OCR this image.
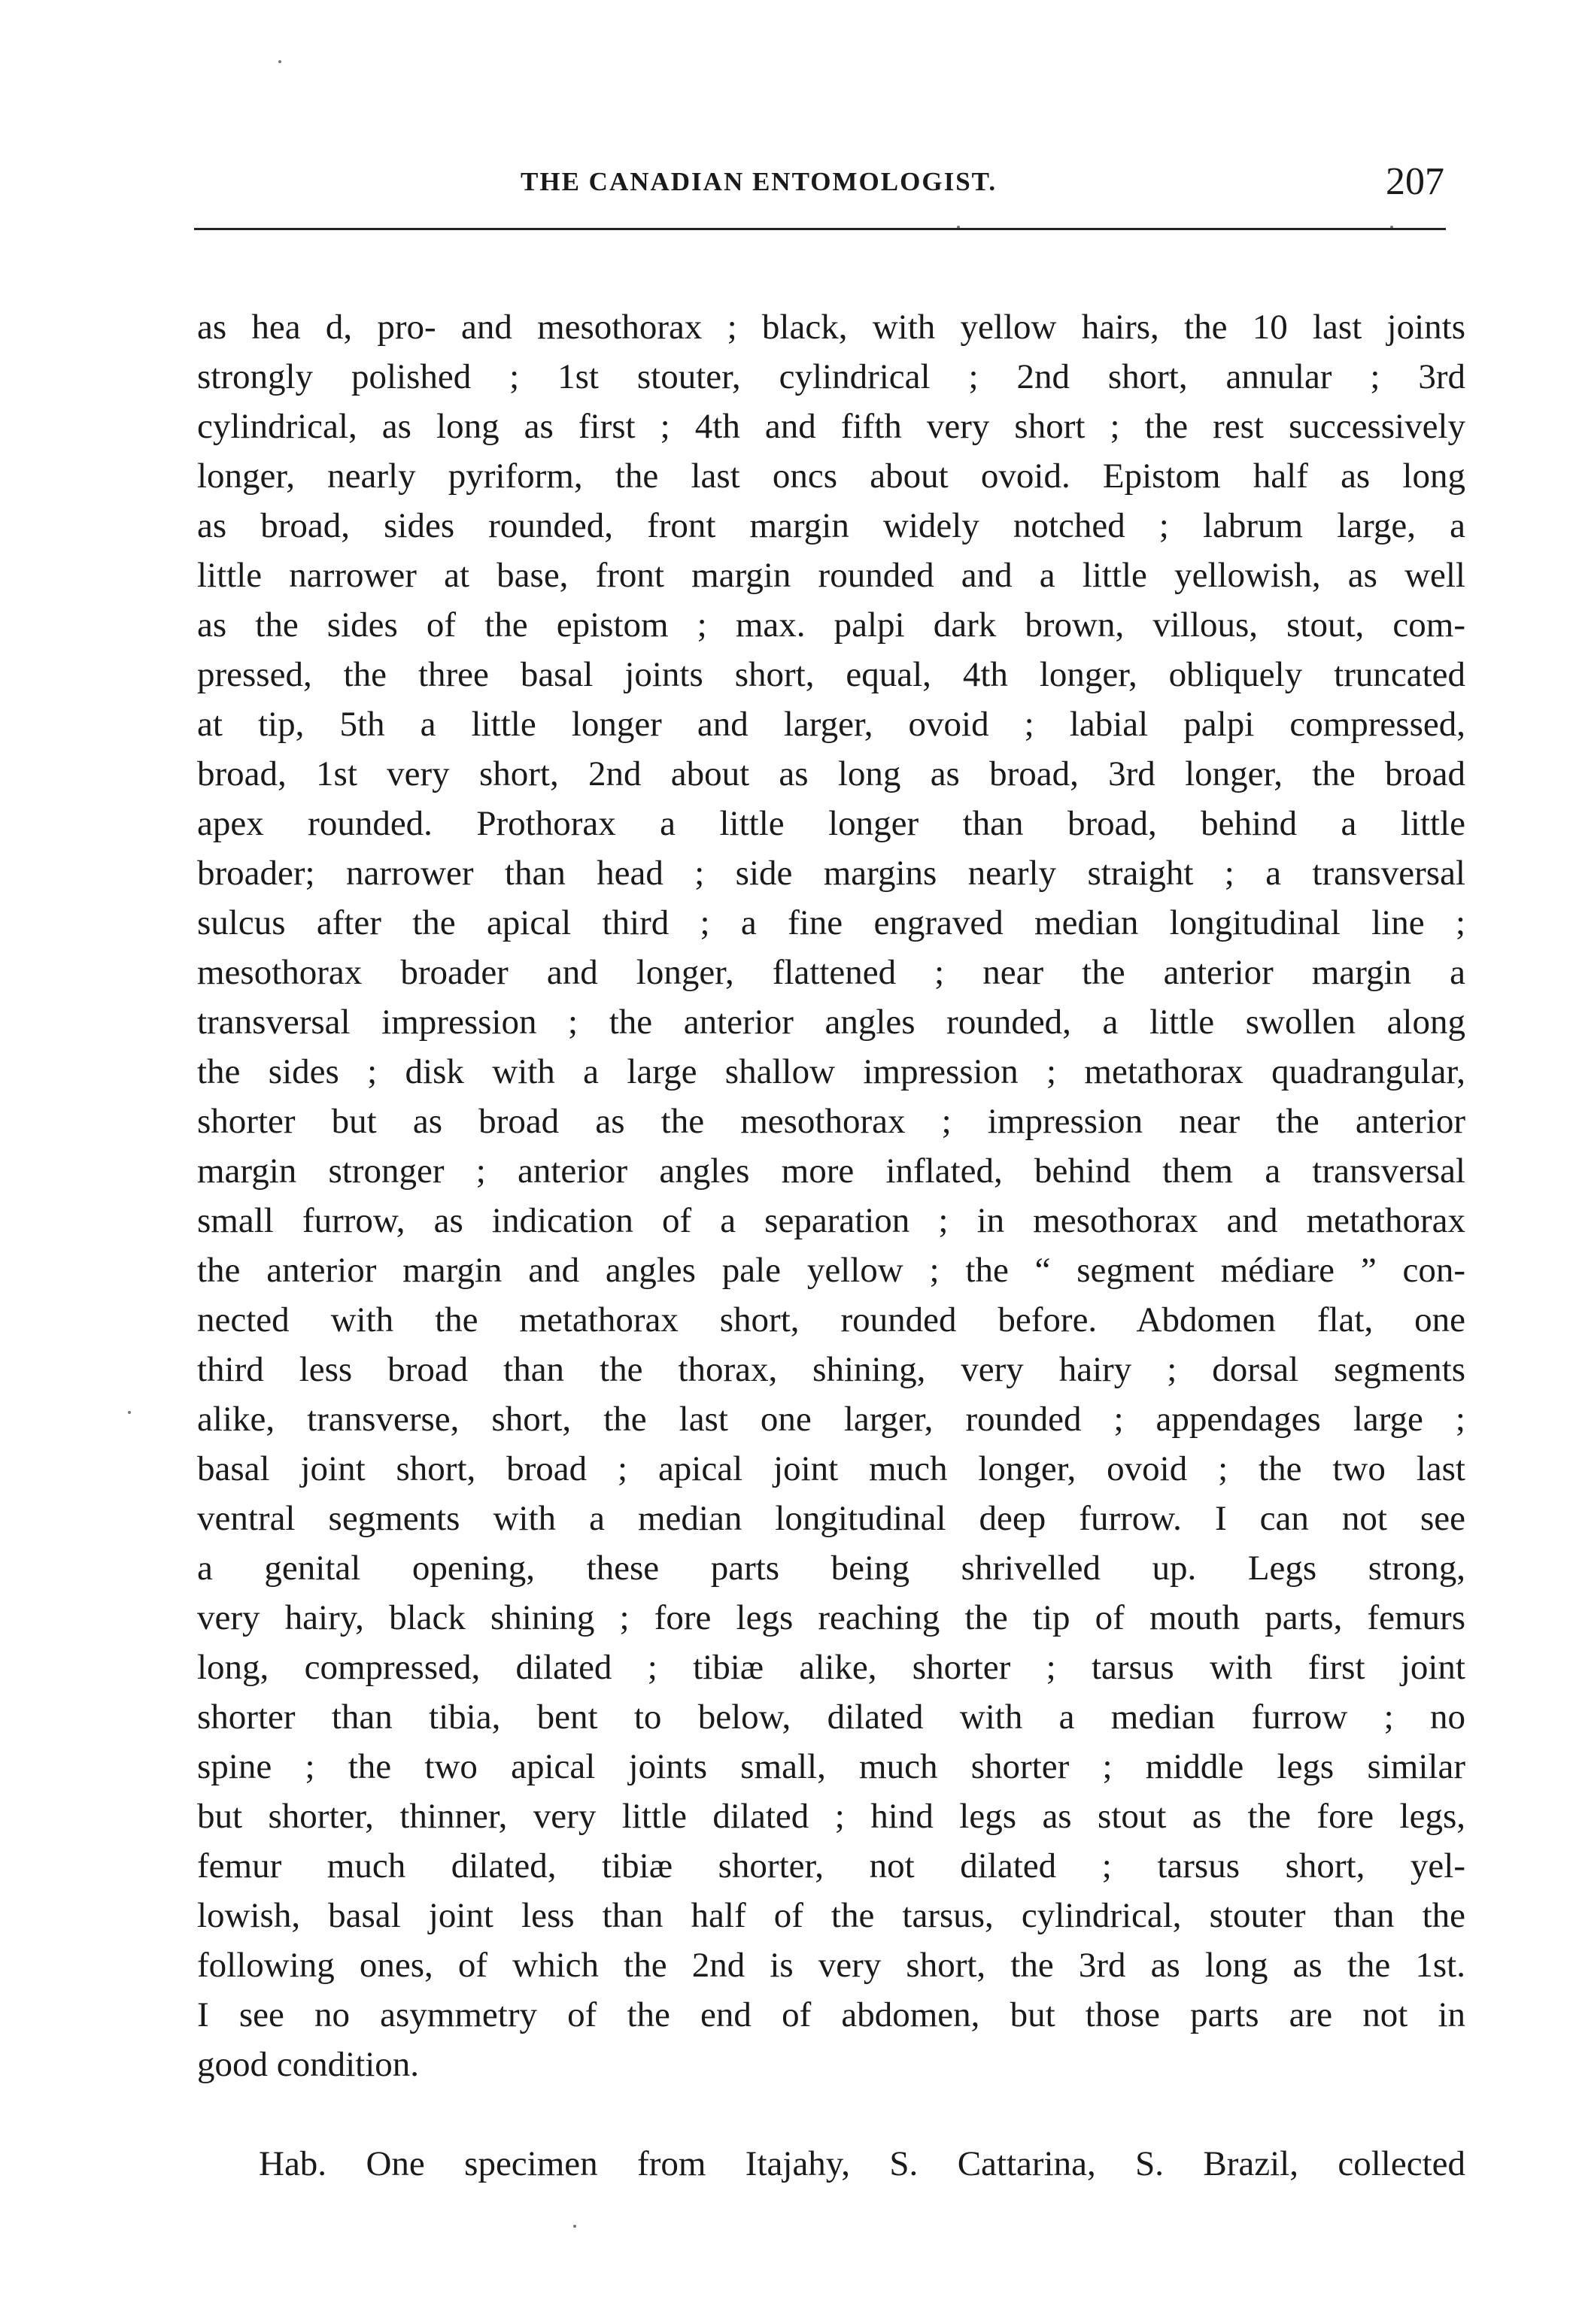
THE CANADIAN ENTOMOLOGIST.	207
as hea d, pro- and mesothorax ; black, with yellow hairs, the 10 last joints
strongly polished ; 1st stouter, cylindrical ; 2nd short, annular ; 3rd
cylindrical, as long as first ; 4th and fifth very short ; the rest successively
longer, nearly pyriform, the last oncs about ovoid. Epistom half as long
as broad, sides rounded, front margin widely notched ; labrum large, a
little narrower at base, front margin rounded and a little yellowish, as well
as the sides of the epistom ; max. palpi dark brown, villous, stout, com-
pressed, the three basal joints short, equal, 4th longer, obliquely truncated
at tip, 5th a little longer and larger, ovoid ; labial palpi compressed,
broad, 1st very short, 2nd about as long as broad, 3rd longer, the broad
apex rounded. Prothorax a little longer than broad, behind a little
broader; narrower than head ; side margins nearly straight ; a transversal
sulcus after the apical third ; a fine engraved median longitudinal line ;
mesothorax broader and longer, flattened ; near the anterior margin a
transversal impression ; the anterior angles rounded, a little swollen along
the sides ; disk with a large shallow impression ; metathorax quadrangular,
shorter but as broad as the mesothorax ; impression near the anterior
margin stronger ; anterior angles more inflated, behind them a transversal
small furrow, as indication of a separation ; in mesothorax and metathorax
the anterior margin and angles pale yellow ; the “ segment médiare ” con-
nected with the metathorax short, rounded before. Abdomen flat, one
third less broad than the thorax, shining, very hairy ; dorsal segments
alike, transverse, short, the last one larger, rounded ; appendages large ;
basal joint short, broad ; apical joint much longer, ovoid ; the two last
ventral segments with a median longitudinal deep furrow. I can not see
a genital opening, these parts being shrivelled up. Legs strong,
very hairy, black shining ; fore legs reaching the tip of mouth parts, femurs
long, compressed, dilated ; tibiæ alike, shorter ; tarsus with first joint
shorter than tibia, bent to below, dilated with a median furrow ; no
spine ; the two apical joints small, much shorter ; middle legs similar
but shorter, thinner, very little dilated ; hind legs as stout as the fore legs,
femur much dilated, tibiæ shorter, not dilated ; tarsus short, yel-
lowish, basal joint less than half of the tarsus, cylindrical, stouter than the
following ones, of which the 2nd is very short, the 3rd as long as the 1st.
I see no asymmetry of the end of abdomen, but those parts are not in
good condition.
Hab. One specimen from Itajahy, S. Cattarina, S. Brazil, collected
